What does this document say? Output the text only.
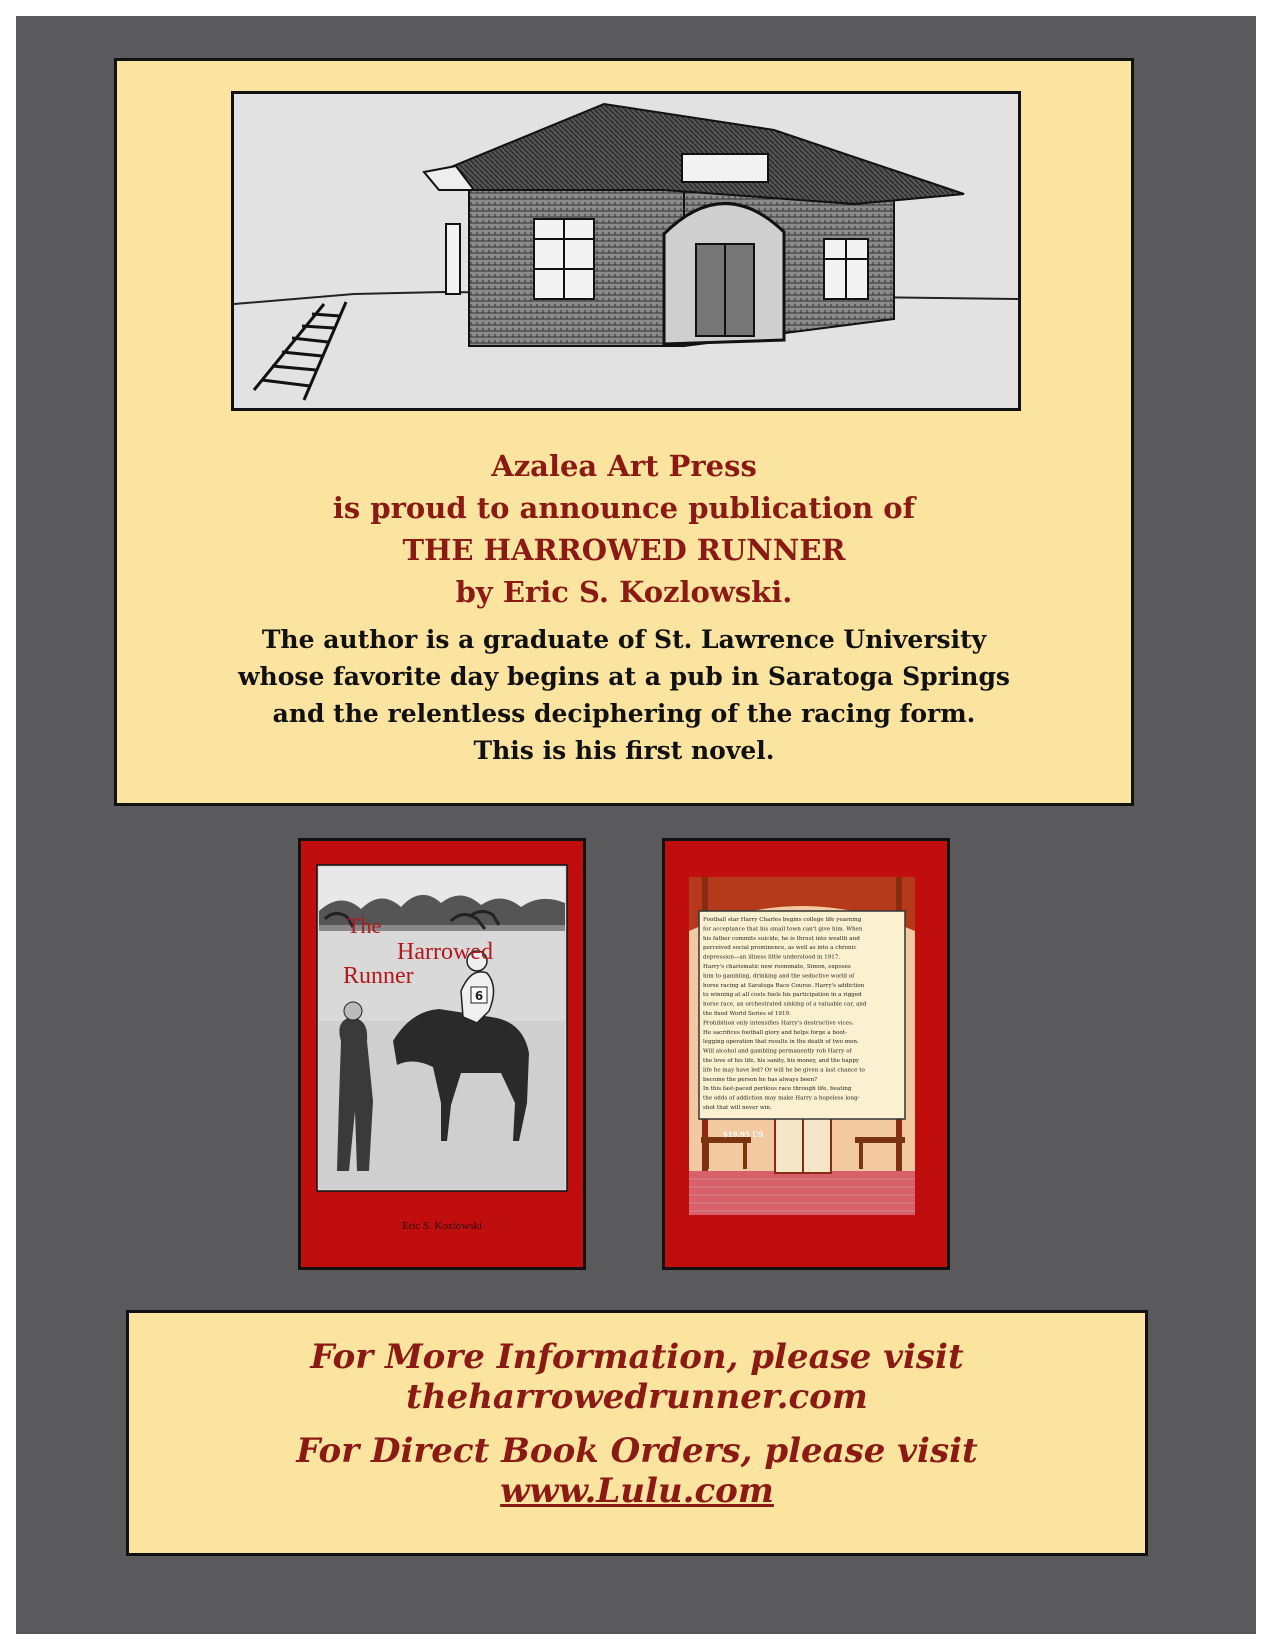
Azalea Art Press
is proud to announce publication of
THE HARROWED RUNNER
by Eric S. Kozlowski.
The author is a graduate of St. Lawrence University
whose favorite day begins at a pub in Saratoga Springs
and the relentless deciphering of the racing form.
This is his first novel.
6
The
Harrowed
Runner
Eric S. Kozlowski
Football star Harry Charles begins college life yearning for acceptance that his small town can't give him. When his father commits suicide, he is thrust into wealth and perceived social prominence, as well as into a chronic depression—an illness little understood in 1917. Harry's charismatic new roommate, Simon, exposes him to gambling, drinking and the seductive world of horse racing at Saratoga Race Course. Harry's addiction to winning at all costs fuels his participation in a rigged horse race, an orchestrated sinking of a valuable car, and the fixed World Series of 1919. Prohibition only intensifies Harry's destructive vices. He sacrifices football glory and helps forge a boot-legging operation that results in the death of two men. Will alcohol and gambling permanently rob Harry of the love of his life, his sanity, his money, and the happy life he may have led? Or will he be given a last chance to become the person he has always been? In this fast-paced perilous race through life, beating the odds of addiction may make Harry a hopeless long-shot that will never win.
$19.95 US
For More Information, please visit
theharrowedrunner.com
For Direct Book Orders, please visit
www.Lulu.com
